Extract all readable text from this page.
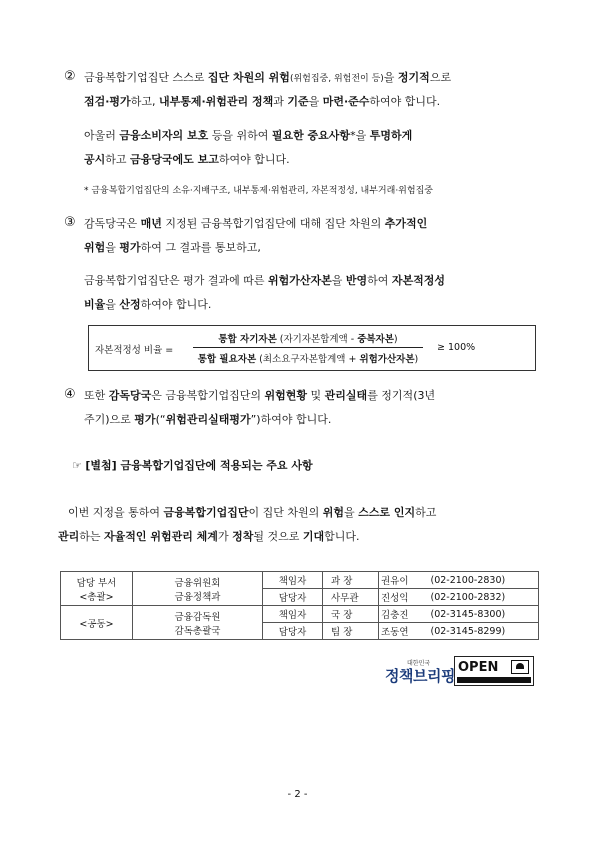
② 금융복합기업집단 스스로 집단 차원의 위험(위험집중, 위험전이 등)을 정기적으로
점검·평가하고, 내부통제·위험관리 정책과 기준을 마련·준수하여야 합니다.
아울러 금융소비자의 보호 등을 위하여 필요한 중요사항*을 투명하게
공시하고 금융당국에도 보고하여야 합니다.
* 금융복합기업집단의 소유·지배구조, 내부통제·위험관리, 자본적정성, 내부거래·위험집중
③ 감독당국은 매년 지정된 금융복합기업집단에 대해 집단 차원의 추가적인
위험을 평가하여 그 결과를 통보하고,
금융복합기업집단은 평가 결과에 따른 위험가산자본을 반영하여 자본적정성
비율을 산정하여야 합니다.
자본적정성 비율 =
통합 자기자본 (자기자본합계액 - 중복자본)
통합 필요자본 (최소요구자본합계액 + 위험가산자본)
≥ 100%
④ 또한 감독당국은 금융복합기업집단의 위험현황 및 관리실태를 정기적(3년
주기)으로 평가(“위험관리실태평가”)하여야 합니다.
☞ [별첨] 금융복합기업집단에 적용되는 주요 사항
이번 지정을 통하여 금융복합기업집단이 집단 차원의 위험을 스스로 인지하고
관리하는 자율적인 위험관리 체계가 정착될 것으로 기대합니다.
담당 부서
<총괄>	금융위원회
금융정책과	책임자	과 장	권유이	(02-2100-2830)
		담당자	사무관	진성익	(02-2100-2832)
<공동>	금융감독원
감독총괄국	책임자	국 장	김충진	(02-3145-8300)
		담당자	팀 장	조동연	(02-3145-8299)
대한민국
정책브리핑 OPEN
- 2 -
